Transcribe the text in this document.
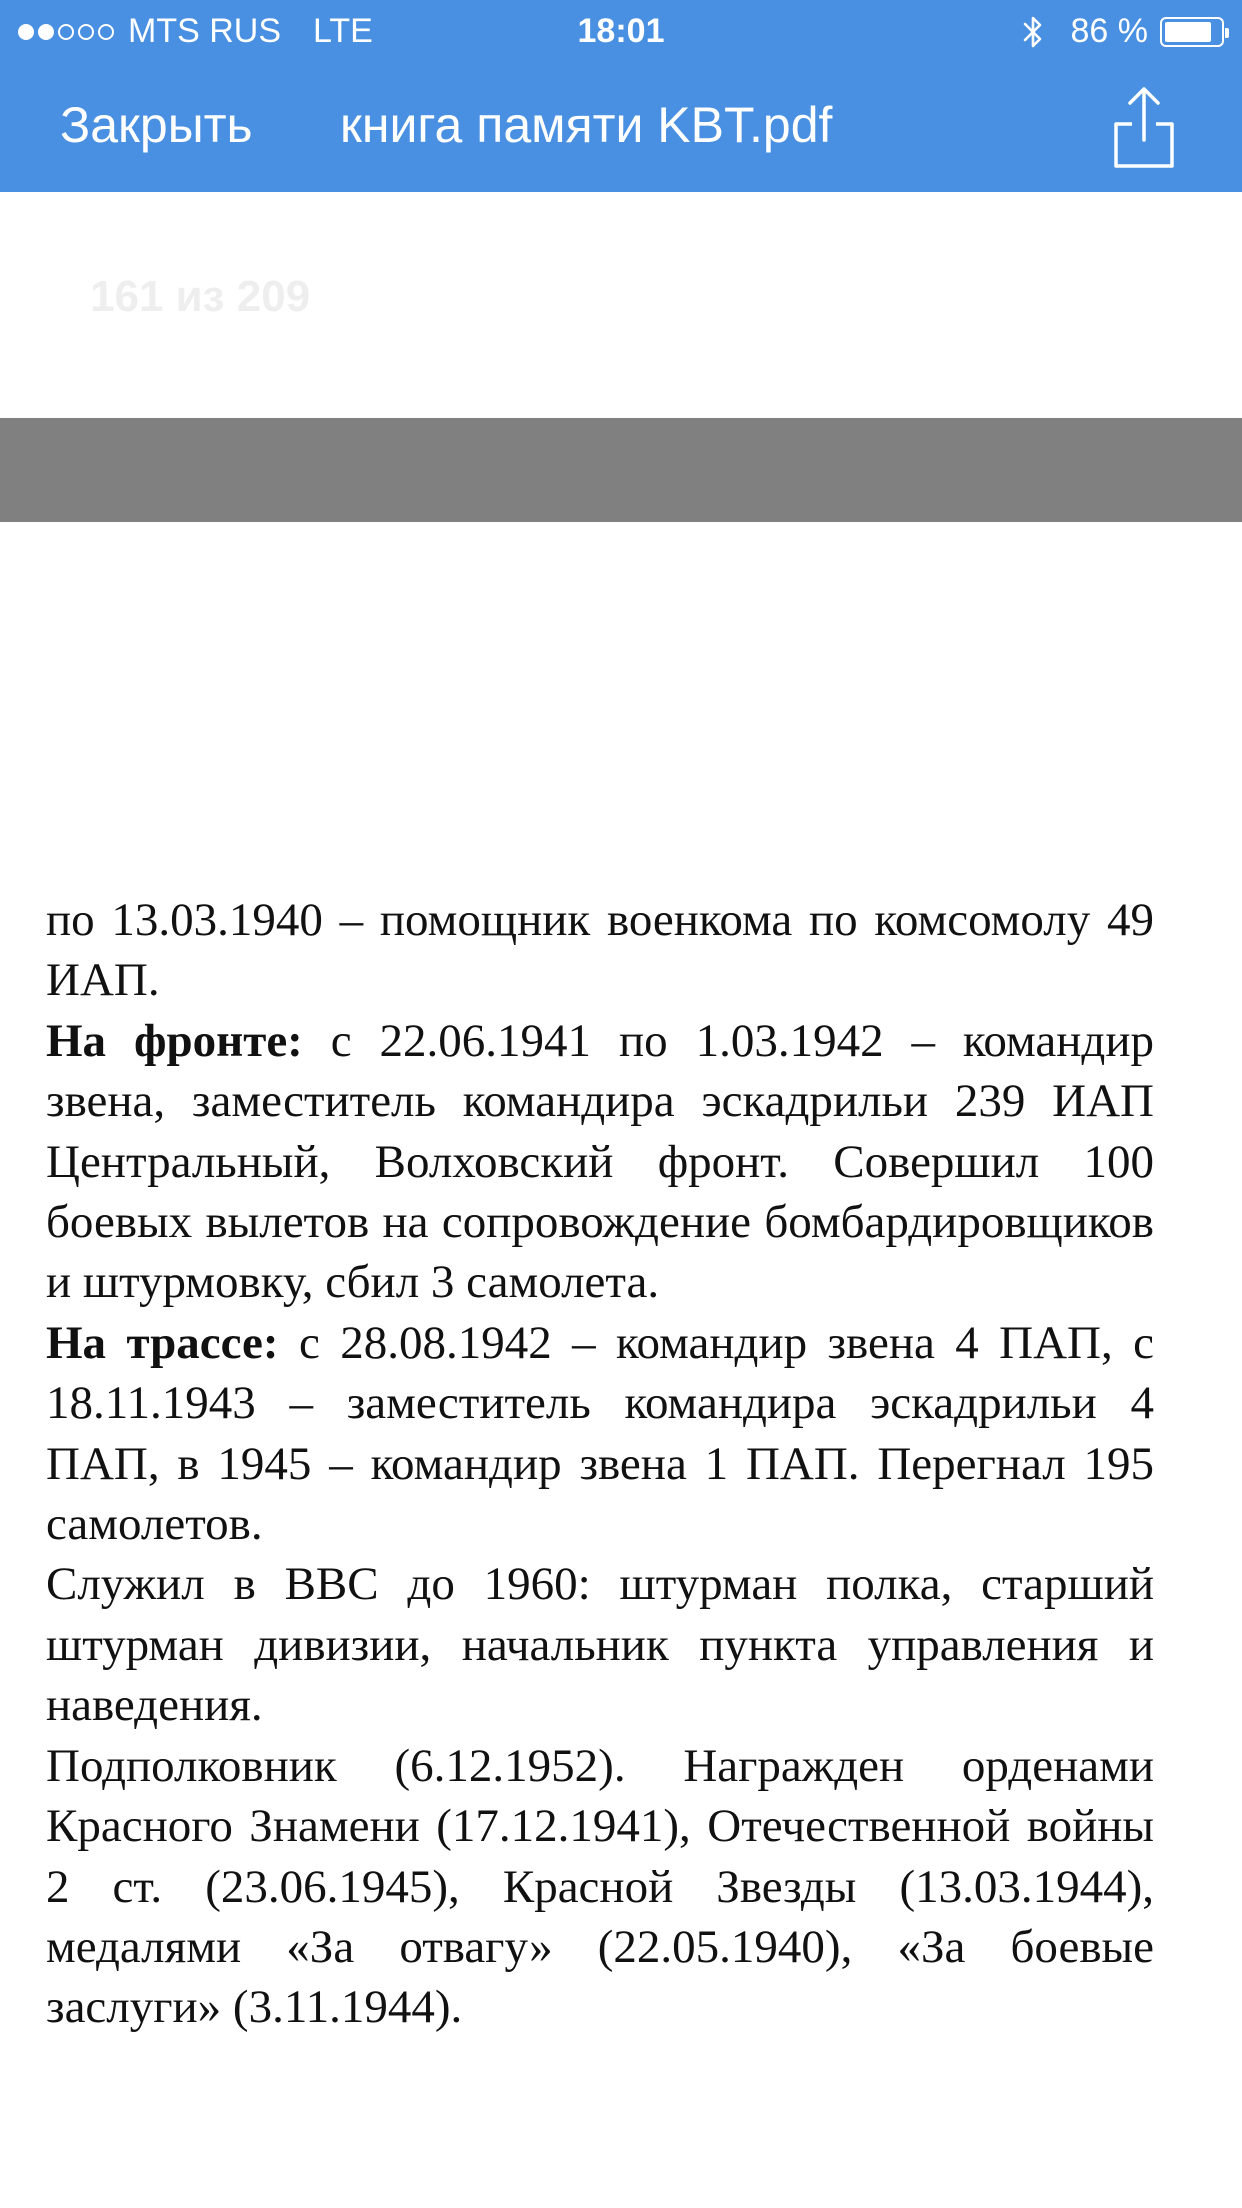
MTS RUS LTE	18:01	86 %
Закрыть книга памяти KBT.pdf
161 из 209

по 13.03.1940 – помощник военкома по комсомолу 49 ИАП.

На фронте: с 22.06.1941 по 1.03.1942 – командир звена, заместитель командира эскадрильи 239 ИАП Центральный, Волховский фронт. Совершил 100 боевых вылетов на сопровождение бомбардировщиков и штурмовку, сбил 3 самолета.

На трассе: с 28.08.1942 – командир звена 4 ПАП, с 18.11.1943 – заместитель командира эскадрильи 4 ПАП, в 1945 – командир звена 1 ПАП. Перегнал 195 самолетов.

Служил в ВВС до 1960: штурман полка, старший штурман дивизии, начальник пункта управления и наведения.

Подполковник (6.12.1952). Награжден орденами Красного Знамени (17.12.1941), Отечественной войны 2 ст. (23.06.1945), Красной Звезды (13.03.1944), медалями «За отвагу» (22.05.1940), «За боевые заслуги» (3.11.1944).
